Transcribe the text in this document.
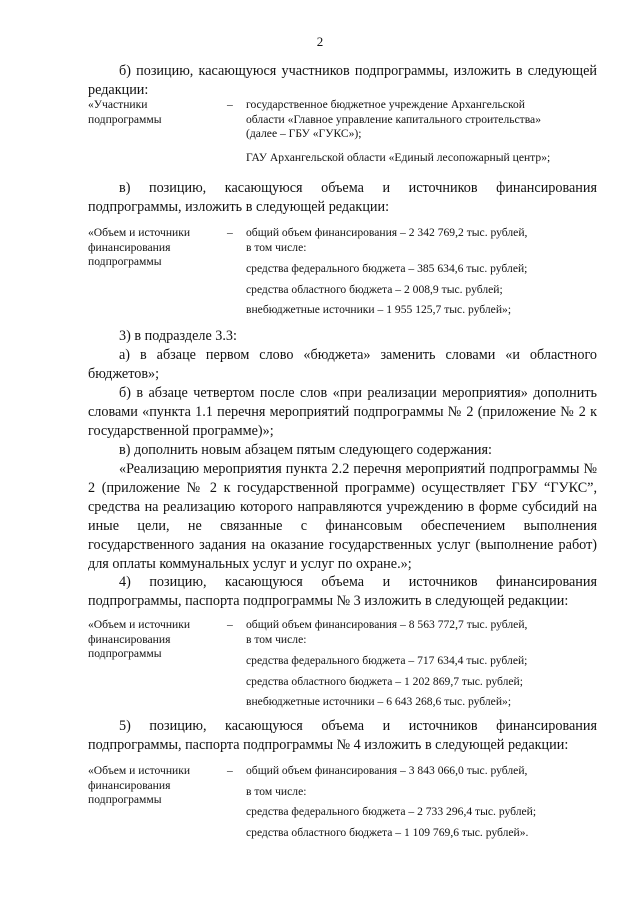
2
б) позицию, касающуюся участников подпрограммы, изложить в следующей редакции:
«Участники подпрограммы
– государственное бюджетное учреждение Архангельской
области «Главное управление капитального строительства»
(далее – ГБУ «ГУКС»);
ГАУ Архангельской области «Единый лесопожарный центр»;
в) позицию, касающуюся объема и источников финансирования подпрограммы, изложить в следующей редакции:
«Объем и источники финансирования подпрограммы
– общий объем финансирования – 2 342 769,2 тыс. рублей,
в том числе:
средства федерального бюджета – 385 634,6 тыс. рублей;
средства областного бюджета – 2 008,9 тыс. рублей;
внебюджетные источники – 1 955 125,7 тыс. рублей»;
3) в подразделе 3.3:
а) в абзаце первом слово «бюджета» заменить словами «и областного бюджетов»;
б) в абзаце четвертом после слов «при реализации мероприятия» дополнить словами «пункта 1.1 перечня мероприятий подпрограммы № 2 (приложение № 2 к государственной программе)»;
в) дополнить новым абзацем пятым следующего содержания:
«Реализацию мероприятия пункта 2.2 перечня мероприятий подпрограммы № 2 (приложение № 2 к государственной программе) осуществляет ГБУ “ГУКС”, средства на реализацию которого направляются учреждению в форме субсидий на иные цели, не связанные с финансовым обеспечением выполнения государственного задания на оказание государственных услуг (выполнение работ) для оплаты коммунальных услуг и услуг по охране.»;
4) позицию, касающуюся объема и источников финансирования подпрограммы, паспорта подпрограммы № 3 изложить в следующей редакции:
«Объем и источники финансирования подпрограммы
– общий объем финансирования – 8 563 772,7 тыс. рублей,
в том числе:
средства федерального бюджета – 717 634,4 тыс. рублей;
средства областного бюджета – 1 202 869,7 тыс. рублей;
внебюджетные источники – 6 643 268,6 тыс. рублей»;
5) позицию, касающуюся объема и источников финансирования подпрограммы, паспорта подпрограммы № 4 изложить в следующей редакции:
«Объем и источники финансирования подпрограммы
– общий объем финансирования – 3 843 066,0 тыс. рублей,
в том числе:
средства федерального бюджета – 2 733 296,4 тыс. рублей;
средства областного бюджета – 1 109 769,6 тыс. рублей».
